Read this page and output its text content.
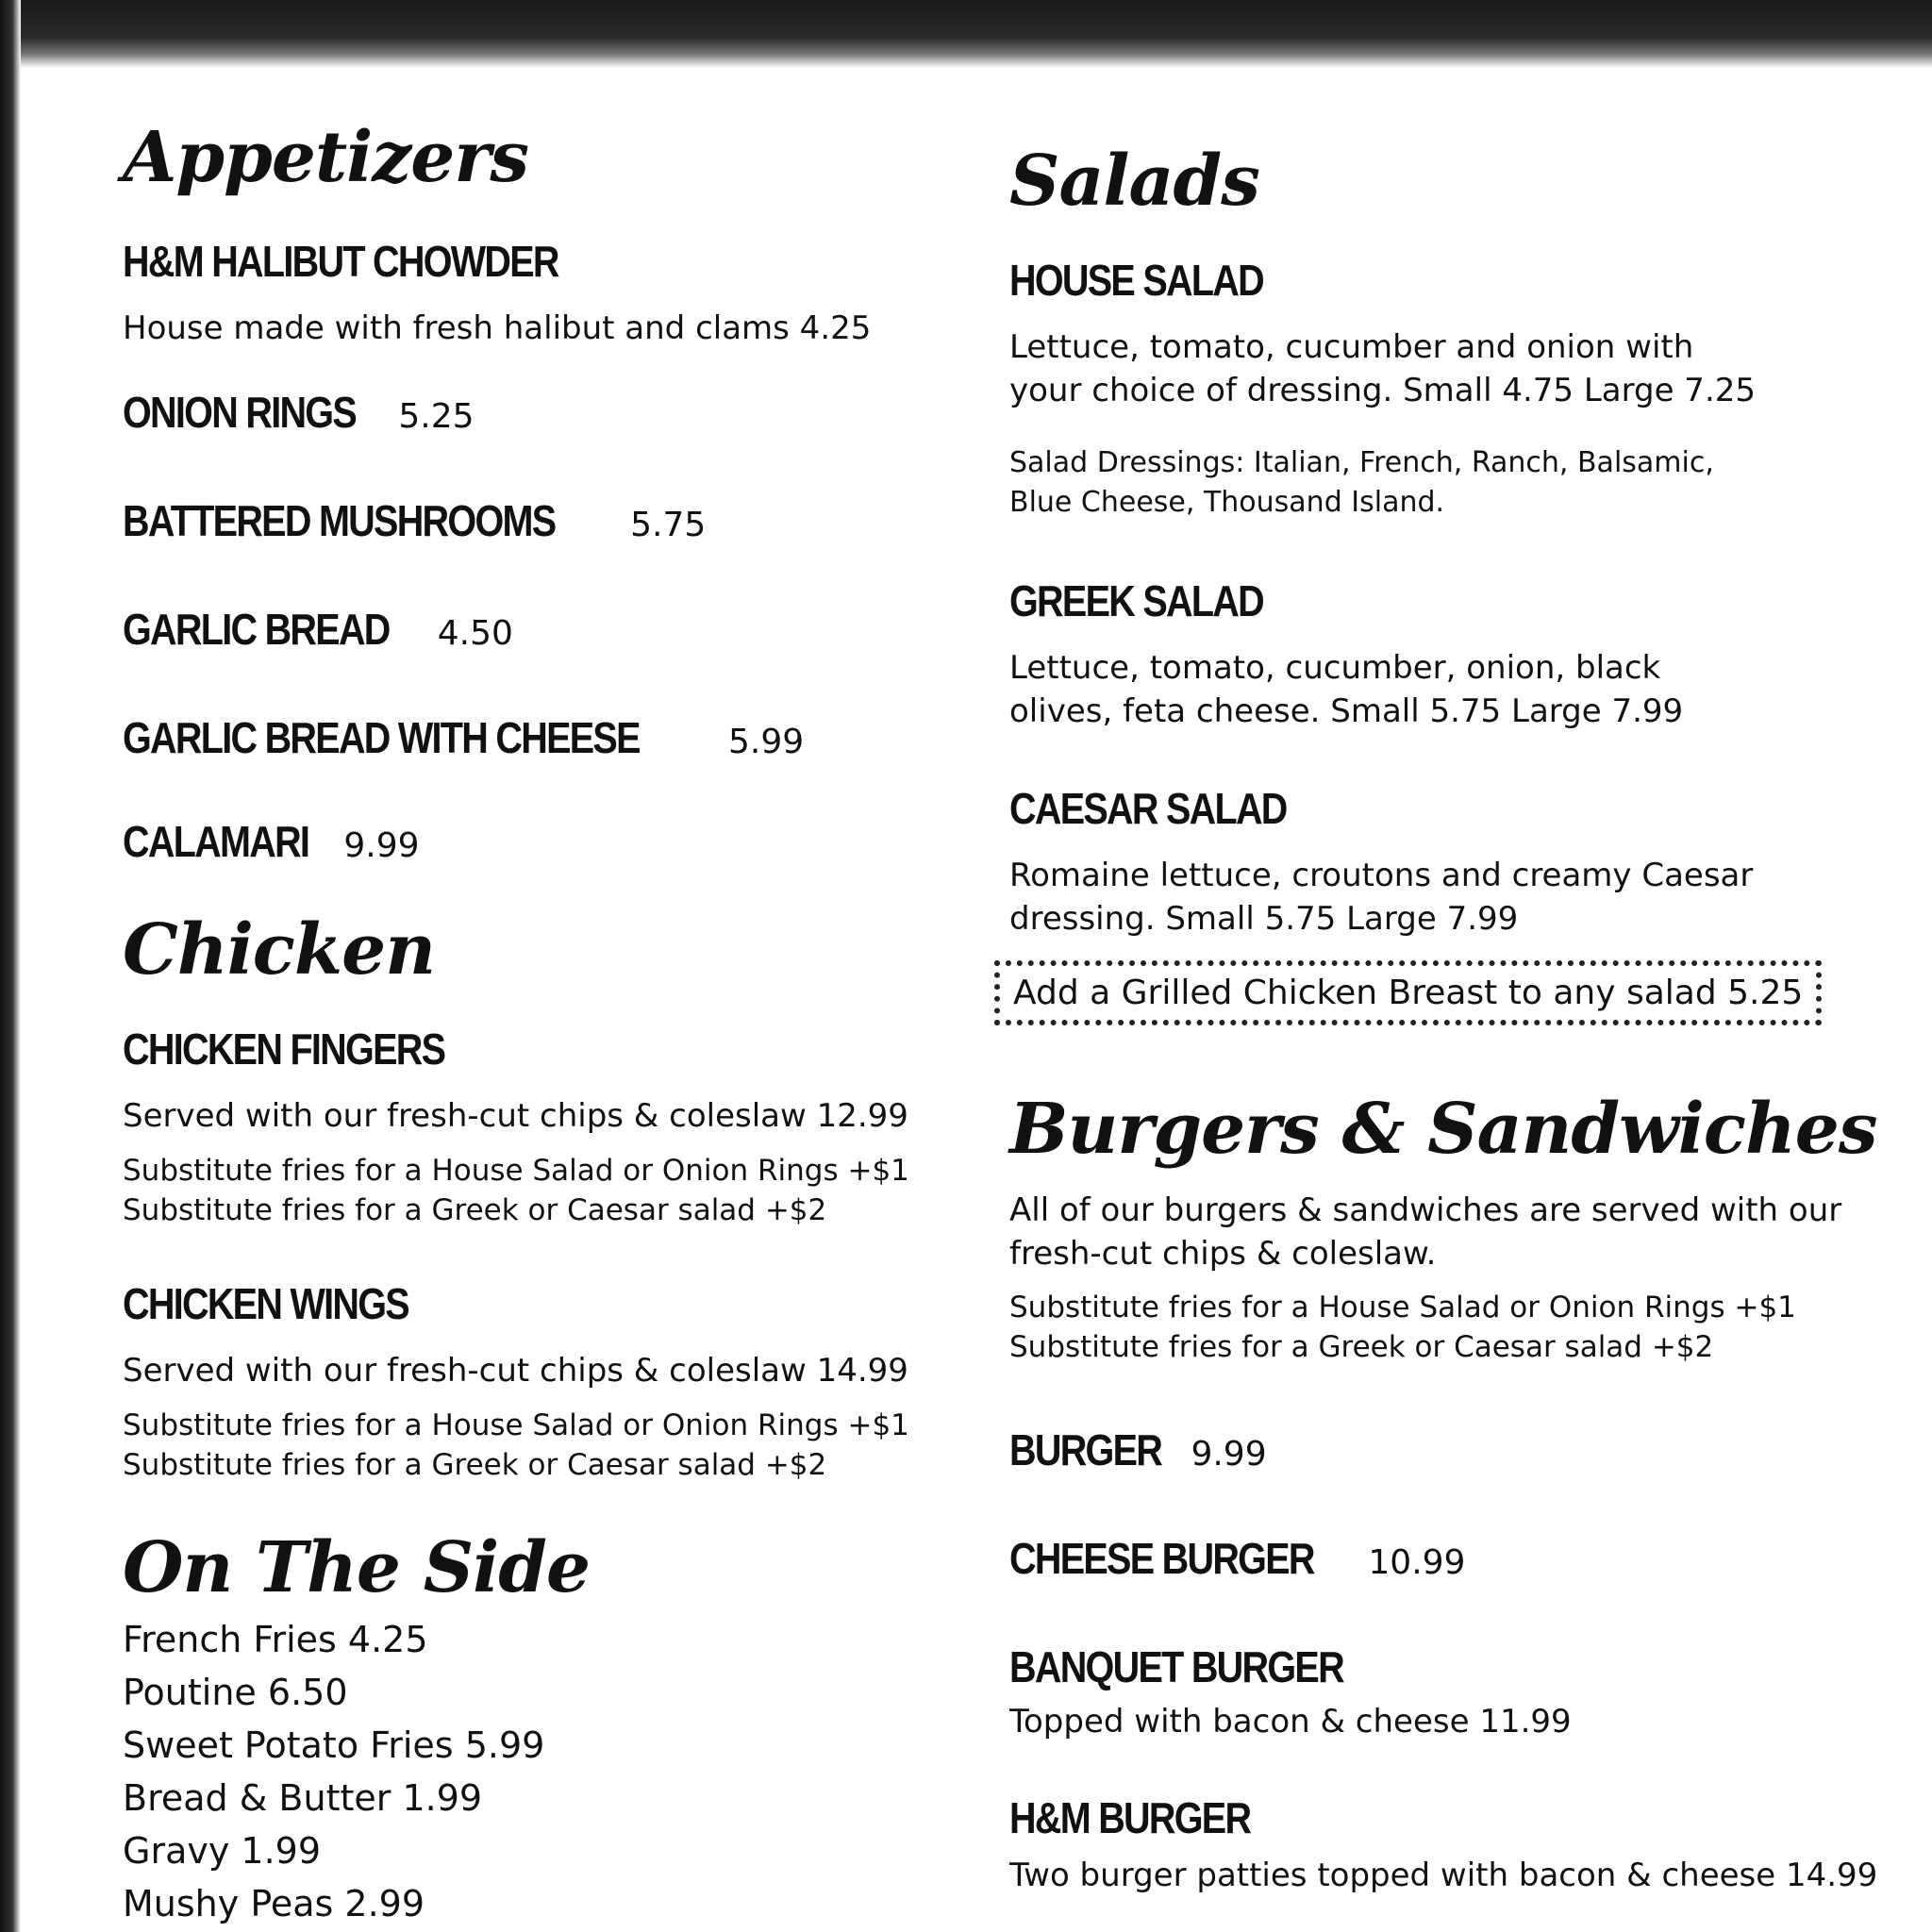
Appetizers
H&M HALIBUT CHOWDER
House made with fresh halibut and clams 4.25
ONION RINGS 5.25
BATTERED MUSHROOMS 5.75
GARLIC BREAD 4.50
GARLIC BREAD WITH CHEESE	5.99
CALAMARI 9.99
Chicken
CHICKEN FINGERS
Served with our fresh-cut chips & coleslaw 12.99
Substitute fries for a House Salad or Onion Rings +$1
Substitute fries for a Greek or Caesar salad +$2
CHICKEN WINGS
Served with our fresh-cut chips & coleslaw 14.99
Substitute fries for a House Salad or Onion Rings +$1
Substitute fries for a Greek or Caesar salad +$2
On The Side
French Fries 4.25
Poutine 6.50
Sweet Potato Fries 5.99
Bread & Butter 1.99
Gravy 1.99
Mushy Peas 2.99
Salads
HOUSE SALAD
Lettuce, tomato, cucumber and onion with
your choice of dressing. Small 4.75 Large 7.25
Salad Dressings: Italian, French, Ranch, Balsamic,
Blue Cheese, Thousand Island.
GREEK SALAD
Lettuce, tomato, cucumber, onion, black
olives, feta cheese. Small 5.75 Large 7.99
CAESAR SALAD
Romaine lettuce, croutons and creamy Caesar
dressing. Small 5.75 Large 7.99
Add a Grilled Chicken Breast to any salad 5.25
Burgers & Sandwiches
All of our burgers & sandwiches are served with our
fresh-cut chips & coleslaw.
Substitute fries for a House Salad or Onion Rings +$1
Substitute fries for a Greek or Caesar salad +$2
BURGER 9.99
CHEESE BURGER 10.99
BANQUET BURGER
Topped with bacon & cheese 11.99
H&M BURGER
Two burger patties topped with bacon & cheese 14.99
